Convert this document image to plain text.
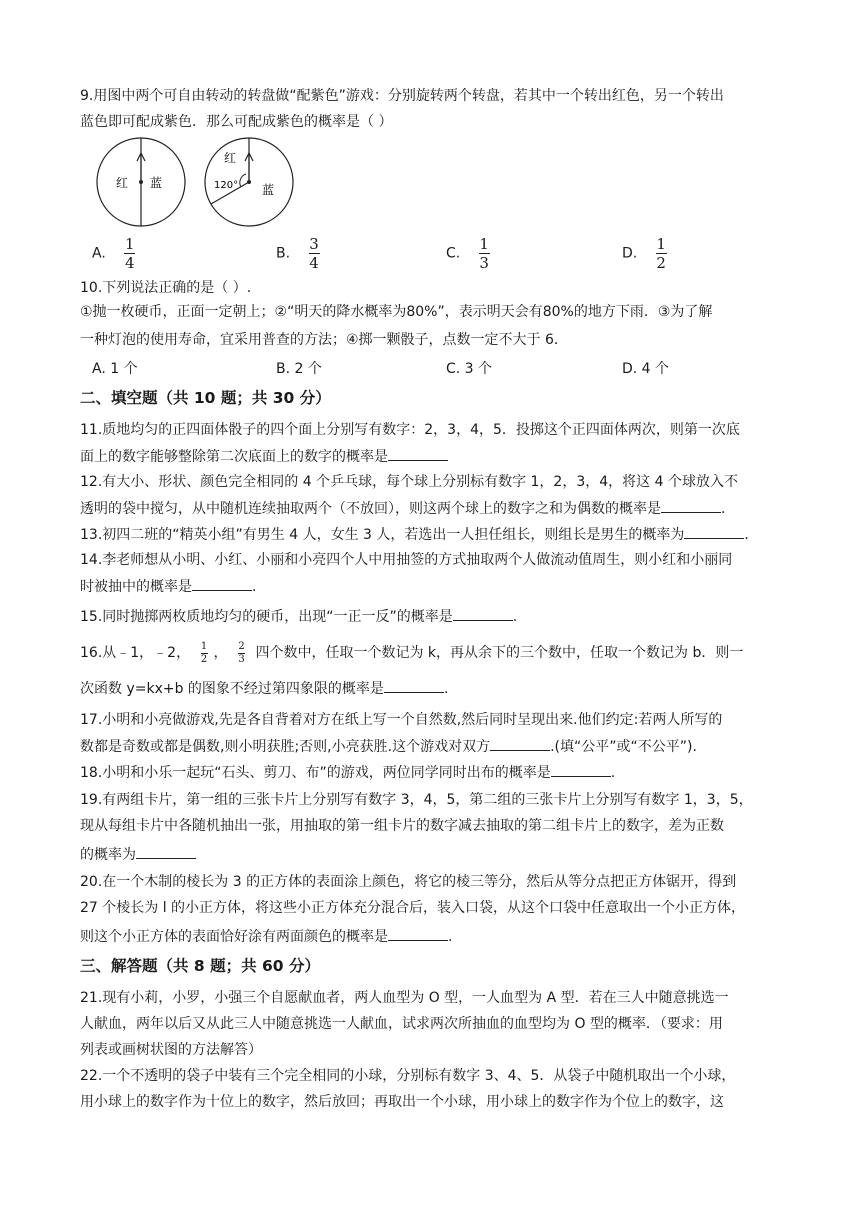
9.用图中两个可自由转动的转盘做“配紫色”游戏：分别旋转两个转盘，若其中一个转出红色，另一个转出
蓝色即可配成紫色．那么可配成紫色的概率是（ ）
红 蓝
红
120° 蓝
A. $\frac{1}{4}$	B. $\frac{3}{4}$	C. $\frac{1}{3}$	D. $\frac{1}{2}$
10.下列说法正确的是（ ）.
①抛一枚硬币，正面一定朝上；②“明天的降水概率为80%”，表示明天会有80%的地方下雨．③为了解
一种灯泡的使用寿命，宜采用普查的方法；④掷一颗骰子，点数一定不大于 6．
A. 1 个	B. 2 个	C. 3 个	D. 4 个
二、填空题（共 10 题；共 30 分）
11.质地均匀的正四面体骰子的四个面上分别写有数字：2，3，4，5．投掷这个正四面体两次，则第一次底
面上的数字能够整除第二次底面上的数字的概率是
12.有大小、形状、颜色完全相同的 4 个乒乓球，每个球上分别标有数字 1，2，3，4，将这 4 个球放入不
透明的袋中搅匀，从中随机连续抽取两个（不放回），则这两个球上的数字之和为偶数的概率是	．
13.初四二班的“精英小组”有男生 4 人，女生 3 人，若选出一人担任组长，则组长是男生的概率为	．
14.李老师想从小明、小红、小丽和小亮四个人中用抽签的方式抽取两个人做流动值周生，则小红和小丽同
时被抽中的概率是	.
15.同时抛掷两枚质地均匀的硬币，出现“一正一反”的概率是	.
16.从﹣1，﹣2， $\frac{1}{2}$ ， $\frac{2}{3}$ 四个数中，任取一个数记为 k，再从余下的三个数中，任取一个数记为 b．则一
次函数 y=kx+b 的图象不经过第四象限的概率是	.
17.小明和小亮做游戏,先是各自背着对方在纸上写一个自然数,然后同时呈现出来.他们约定:若两人所写的
数都是奇数或都是偶数,则小明获胜;否则,小亮获胜.这个游戏对双方	.(填“公平”或“不公平”).
18.小明和小乐一起玩“石头、剪刀、布”的游戏，两位同学同时出布的概率是	.
19.有两组卡片，第一组的三张卡片上分别写有数字 3，4，5，第二组的三张卡片上分别写有数字 1，3，5，
现从每组卡片中各随机抽出一张，用抽取的第一组卡片的数字减去抽取的第二组卡片上的数字，差为正数
的概率为
20.在一个木制的棱长为 3 的正方体的表面涂上颜色，将它的棱三等分，然后从等分点把正方体锯开，得到
27 个棱长为 l 的小正方体，将这些小正方体充分混合后，装入口袋，从这个口袋中任意取出一个小正方体，
则这个小正方体的表面恰好涂有两面颜色的概率是	.
三、解答题（共 8 题；共 60 分）
21.现有小莉，小罗，小强三个自愿献血者，两人血型为 O 型，一人血型为 A 型．若在三人中随意挑选一
人献血，两年以后又从此三人中随意挑选一人献血，试求两次所抽血的血型均为 O 型的概率．（要求：用
列表或画树状图的方法解答）
22.一个不透明的袋子中装有三个完全相同的小球，分别标有数字 3、4、5．从袋子中随机取出一个小球，
用小球上的数字作为十位上的数字，然后放回；再取出一个小球，用小球上的数字作为个位上的数字，这
